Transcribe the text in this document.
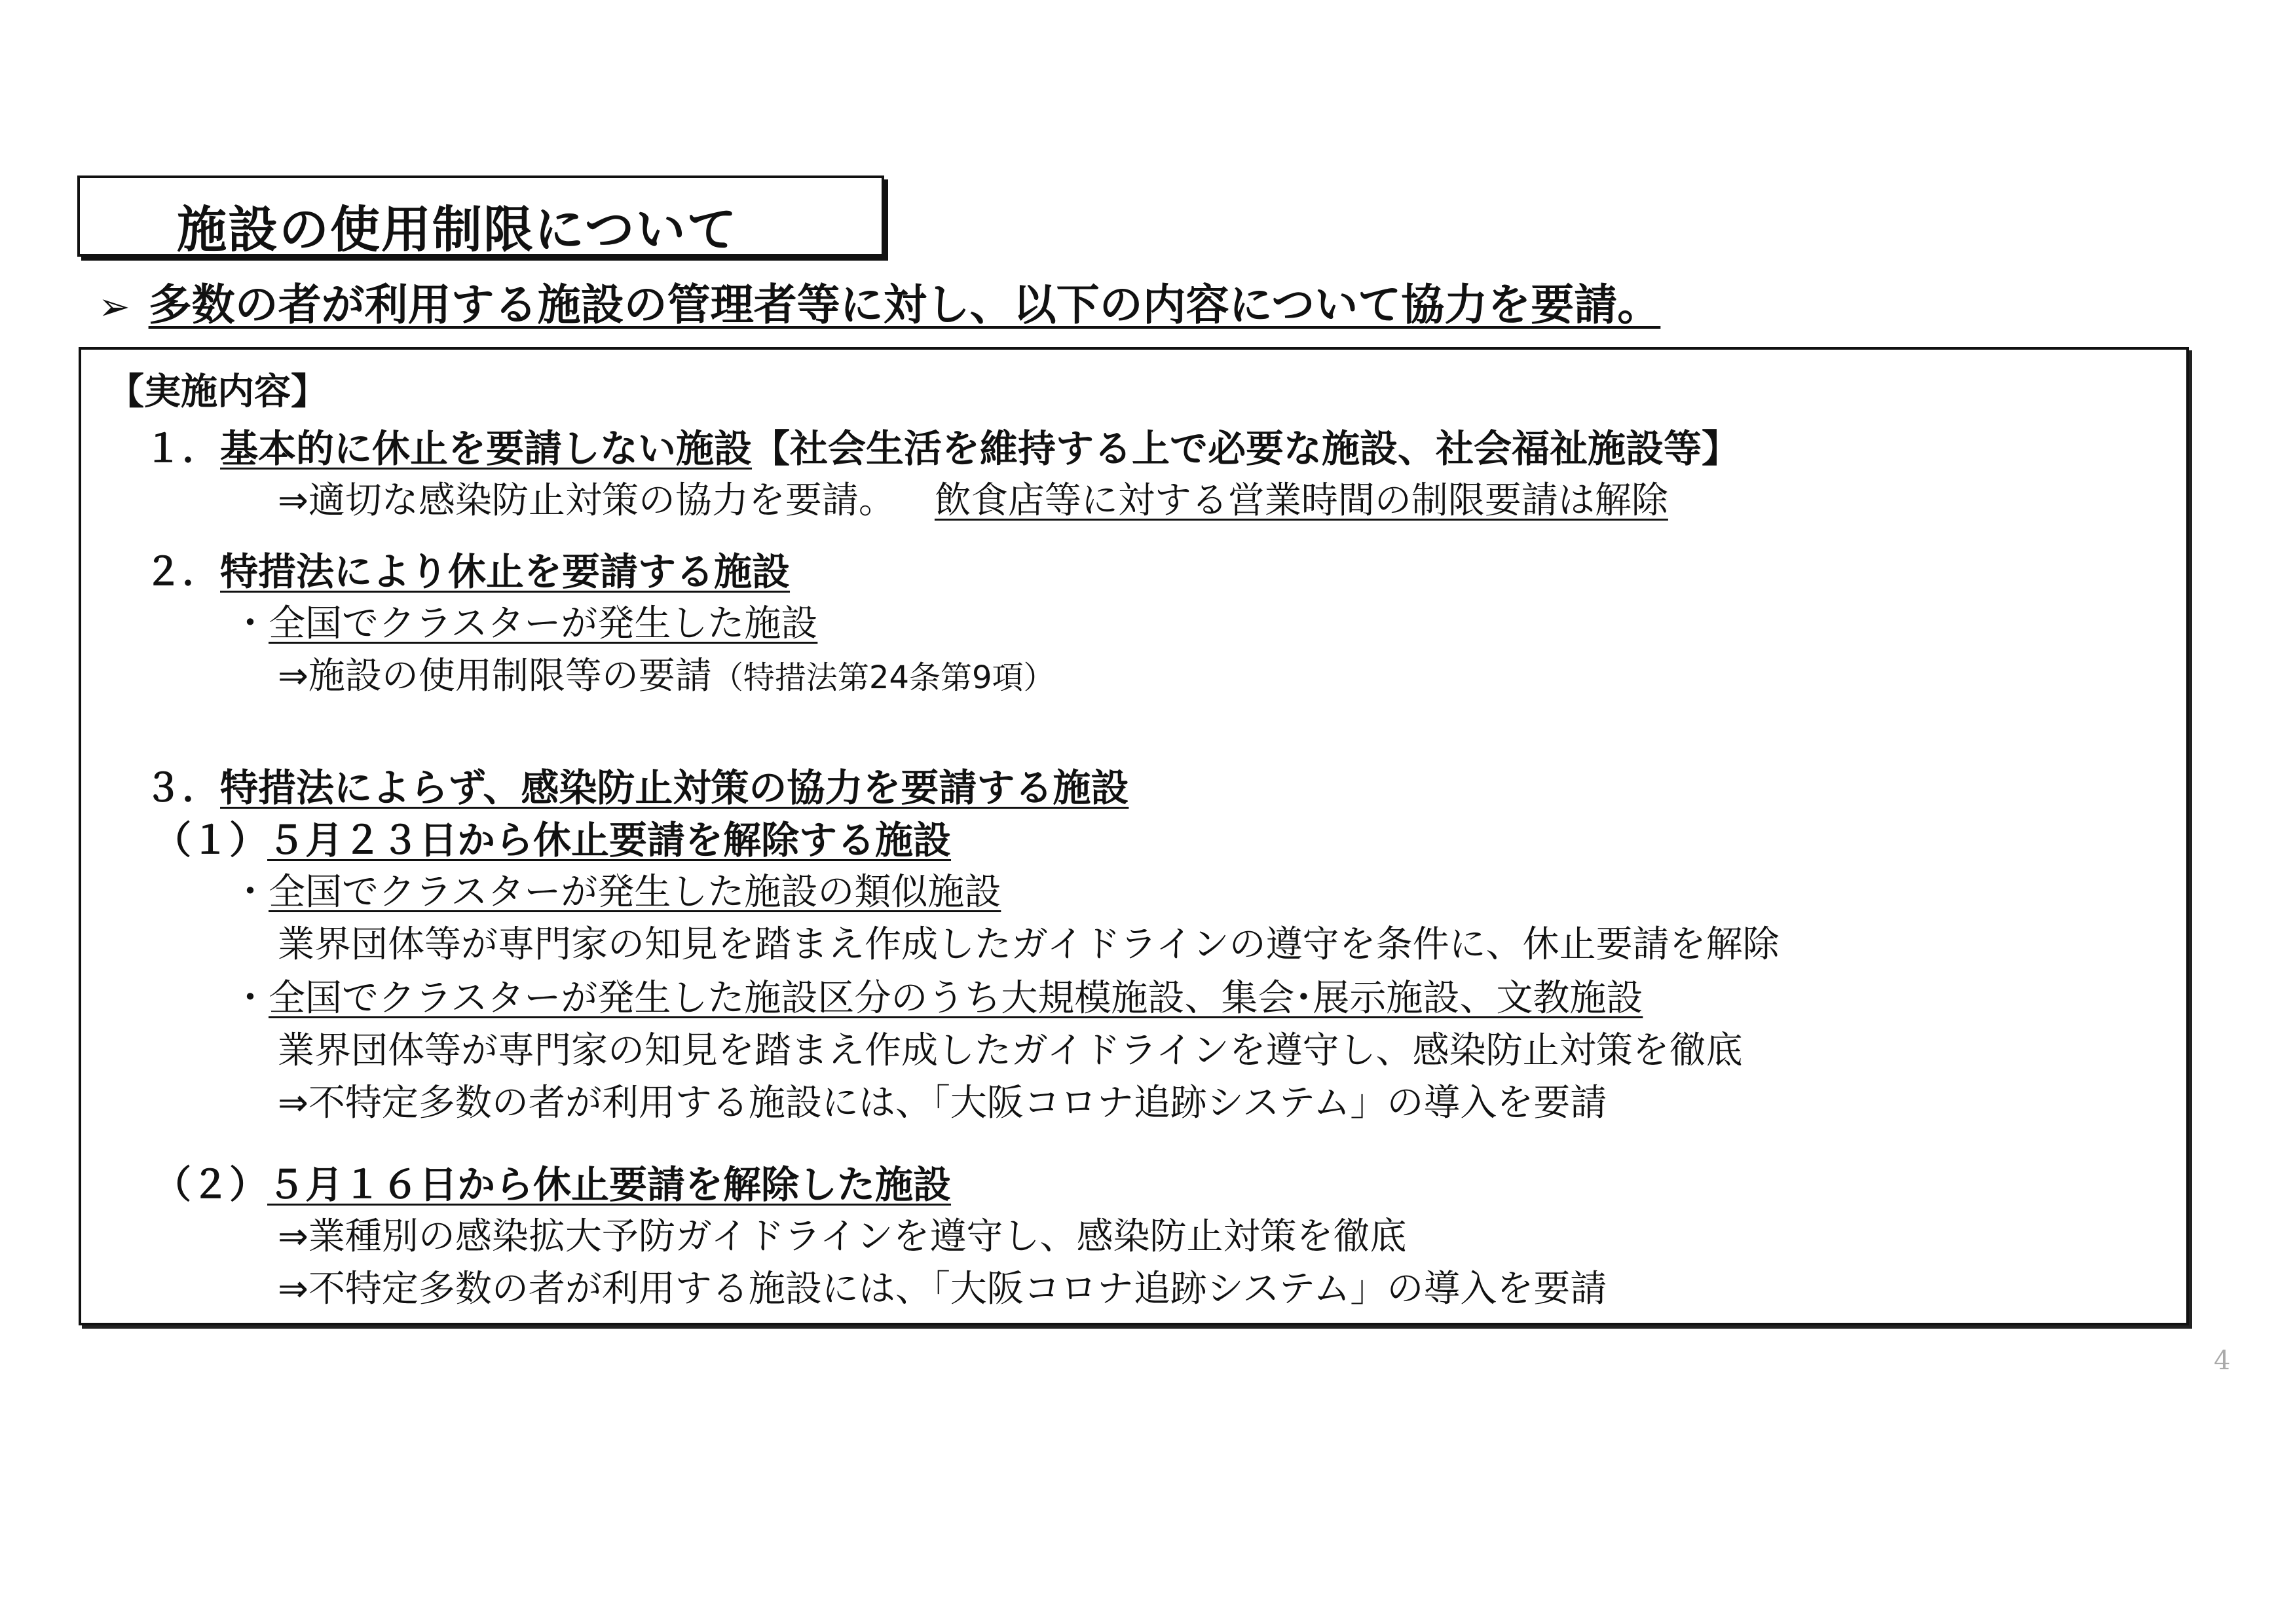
施設の使用制限について
➢ 多数の者が利用する施設の管理者等に対し、以下の内容について協力を要請。
【実施内容】
１．基本的に休止を要請しない施設【社会生活を維持する上で必要な施設、社会福祉施設等】
⇒適切な感染防止対策の協力を要請。 飲食店等に対する営業時間の制限要請は解除
２．特措法により休止を要請する施設
・全国でクラスターが発生した施設
⇒施設の使用制限等の要請（特措法第24条第9項）
３．特措法によらず、感染防止対策の協力を要請する施設
（１）５月２３日から休止要請を解除する施設
・全国でクラスターが発生した施設の類似施設
業界団体等が専門家の知見を踏まえ作成したガイドラインの遵守を条件に、休止要請を解除
・全国でクラスターが発生した施設区分のうち大規模施設、集会･展示施設、文教施設
業界団体等が専門家の知見を踏まえ作成したガイドラインを遵守し、感染防止対策を徹底
⇒不特定多数の者が利用する施設には、「大阪コロナ追跡システム」の導入を要請
（２）５月１６日から休止要請を解除した施設
⇒業種別の感染拡大予防ガイドラインを遵守し、感染防止対策を徹底
⇒不特定多数の者が利用する施設には、「大阪コロナ追跡システム」の導入を要請
4
